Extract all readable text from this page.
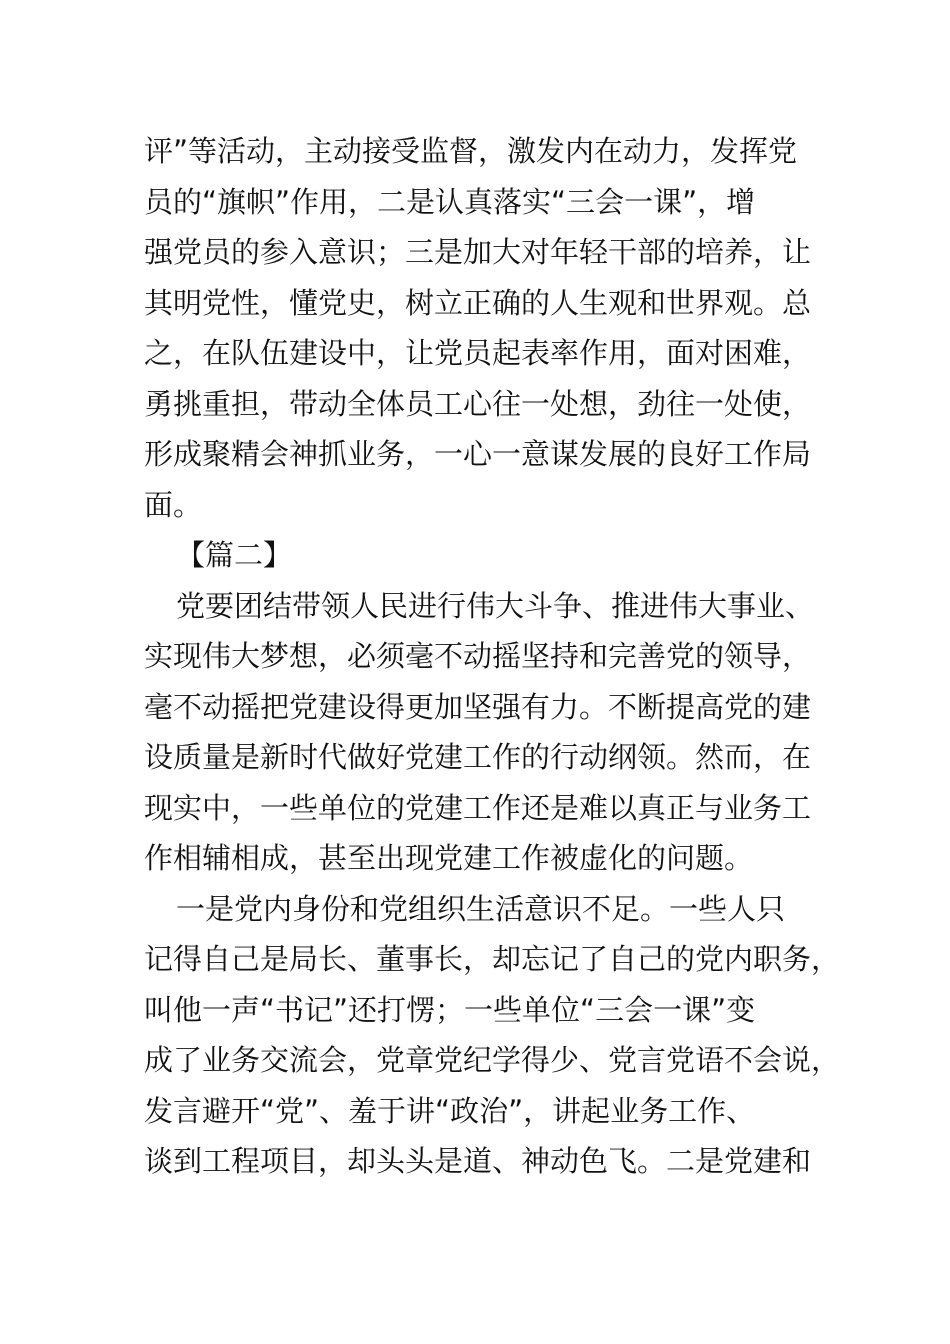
评”等活动，主动接受监督，激发内在动力，发挥党
员的“旗帜”作用，二是认真落实“三会一课”，增
强党员的参入意识；三是加大对年轻干部的培养，让
其明党性，懂党史，树立正确的人生观和世界观。总
之，在队伍建设中，让党员起表率作用，面对困难，
勇挑重担，带动全体员工心往一处想，劲往一处使，
形成聚精会神抓业务，一心一意谋发展的良好工作局
面。
【篇二】
党要团结带领人民进行伟大斗争、推进伟大事业、
实现伟大梦想，必须毫不动摇坚持和完善党的领导，
毫不动摇把党建设得更加坚强有力。不断提高党的建
设质量是新时代做好党建工作的行动纲领。然而，在
现实中，一些单位的党建工作还是难以真正与业务工
作相辅相成，甚至出现党建工作被虚化的问题。
一是党内身份和党组织生活意识不足。一些人只
记得自己是局长、董事长，却忘记了自己的党内职务，
叫他一声“书记”还打愣；一些单位“三会一课”变
成了业务交流会，党章党纪学得少、党言党语不会说，
发言避开“党”、羞于讲“政治”，讲起业务工作、
谈到工程项目，却头头是道、神动色飞。二是党建和
